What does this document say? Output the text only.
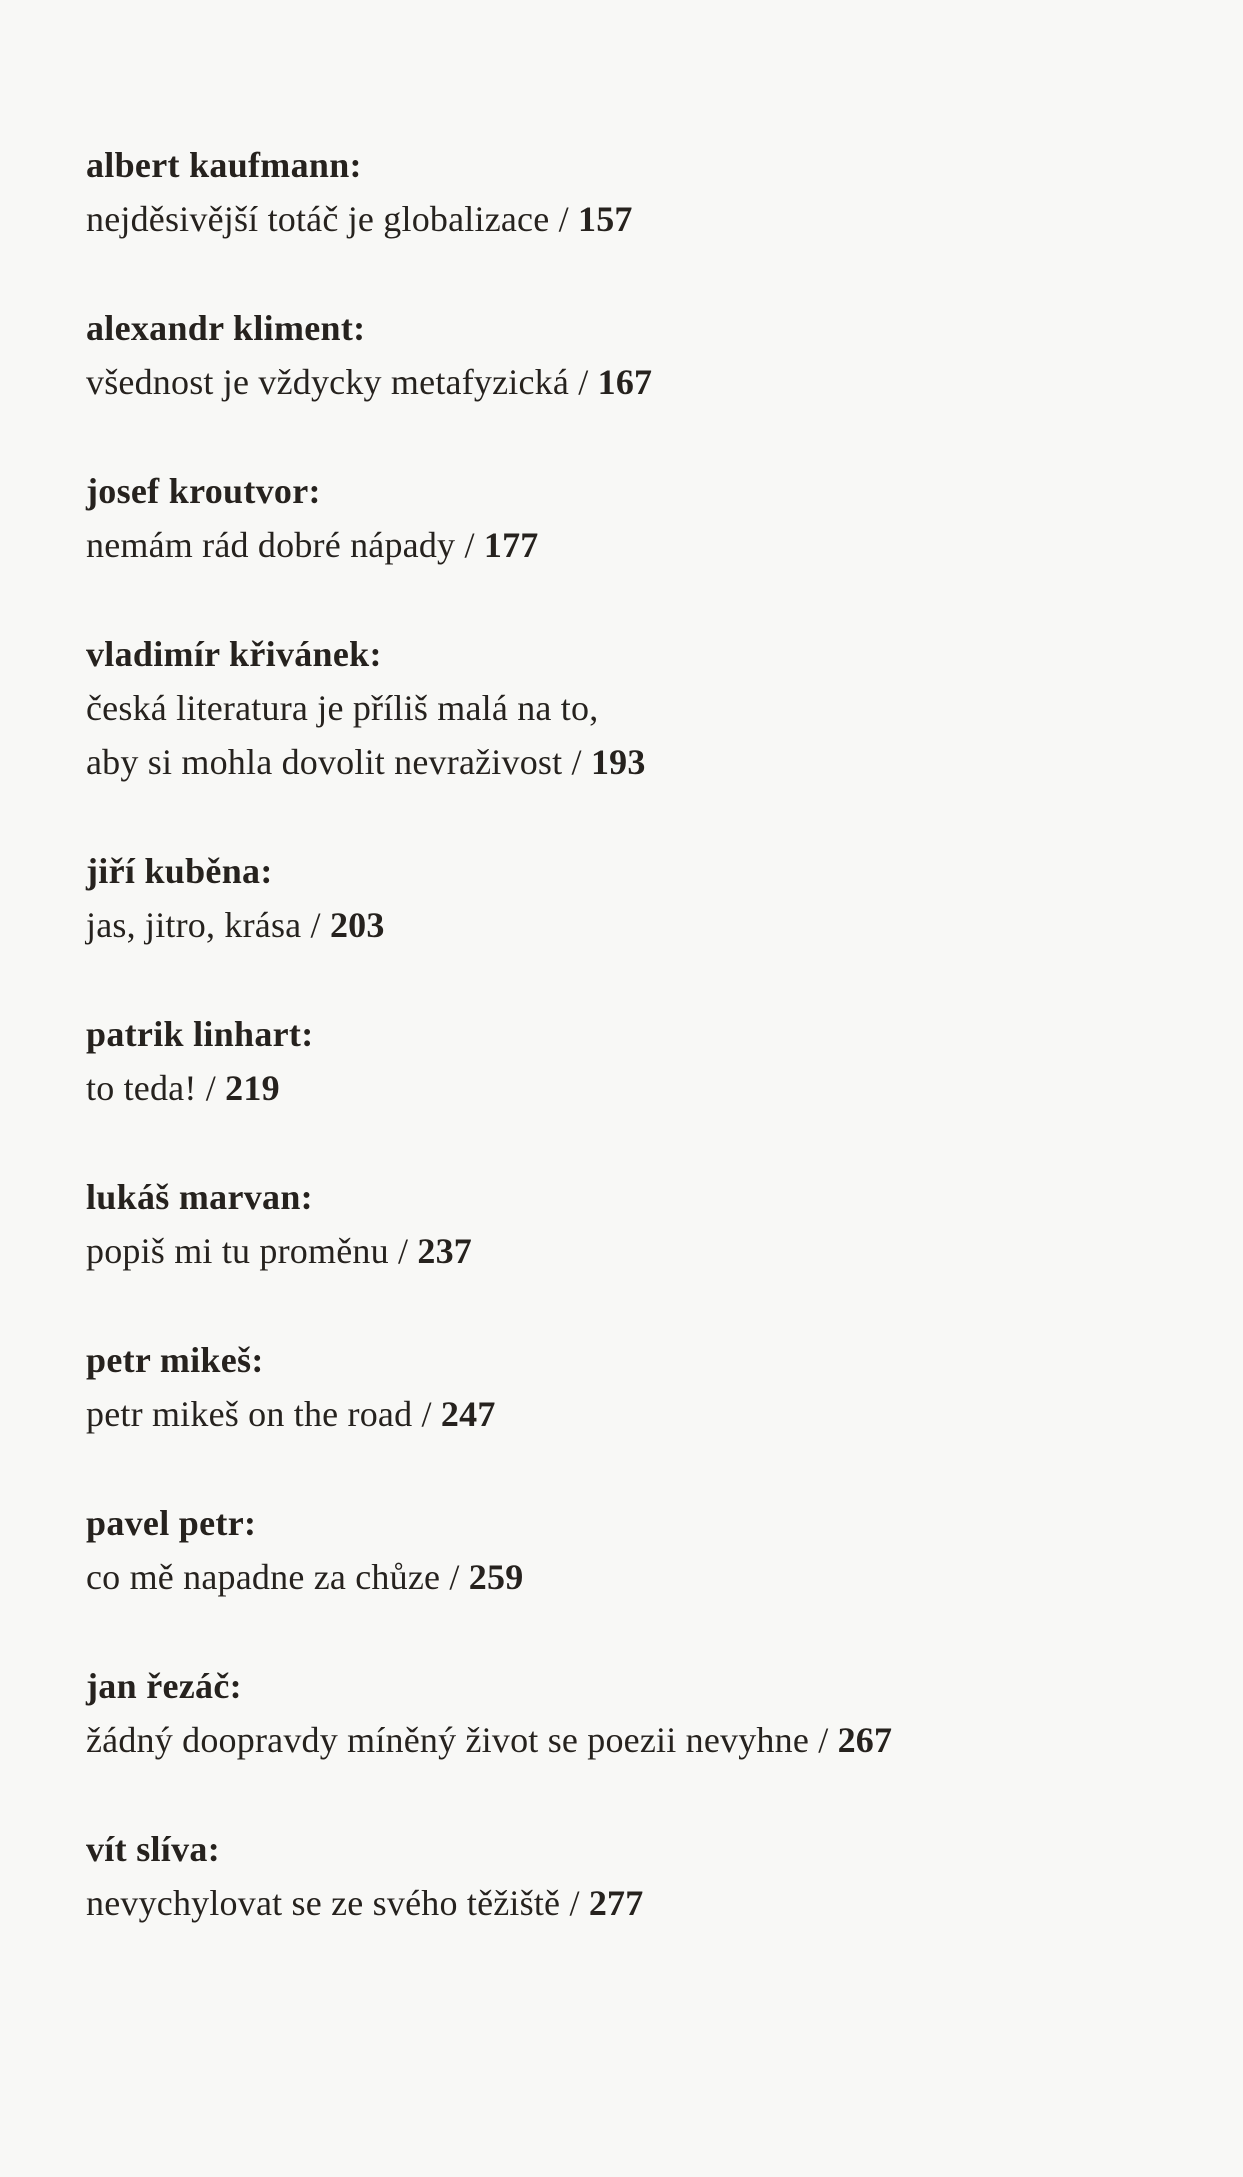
albert kaufmann:

nejděsivější totáč je globalizace / 157

alexandr kliment:

všednost je vždycky metafyzická / 167

josef kroutvor:

nemám rád dobré nápady / 177

vladimír křivánek:

česká literatura je příliš malá na to,

aby si mohla dovolit nevraživost / 193

jiří kuběna:

jas, jitro, krása / 203

patrik linhart:

to teda! / 219

lukáš marvan:

popiš mi tu proměnu / 237

petr mikeš:

petr mikeš on the road / 247

pavel petr:

co mě napadne za chůze / 259

jan řezáč:

žádný doopravdy míněný život se poezii nevyhne / 267

vít slíva:

nevychylovat se ze svého těžiště / 277
